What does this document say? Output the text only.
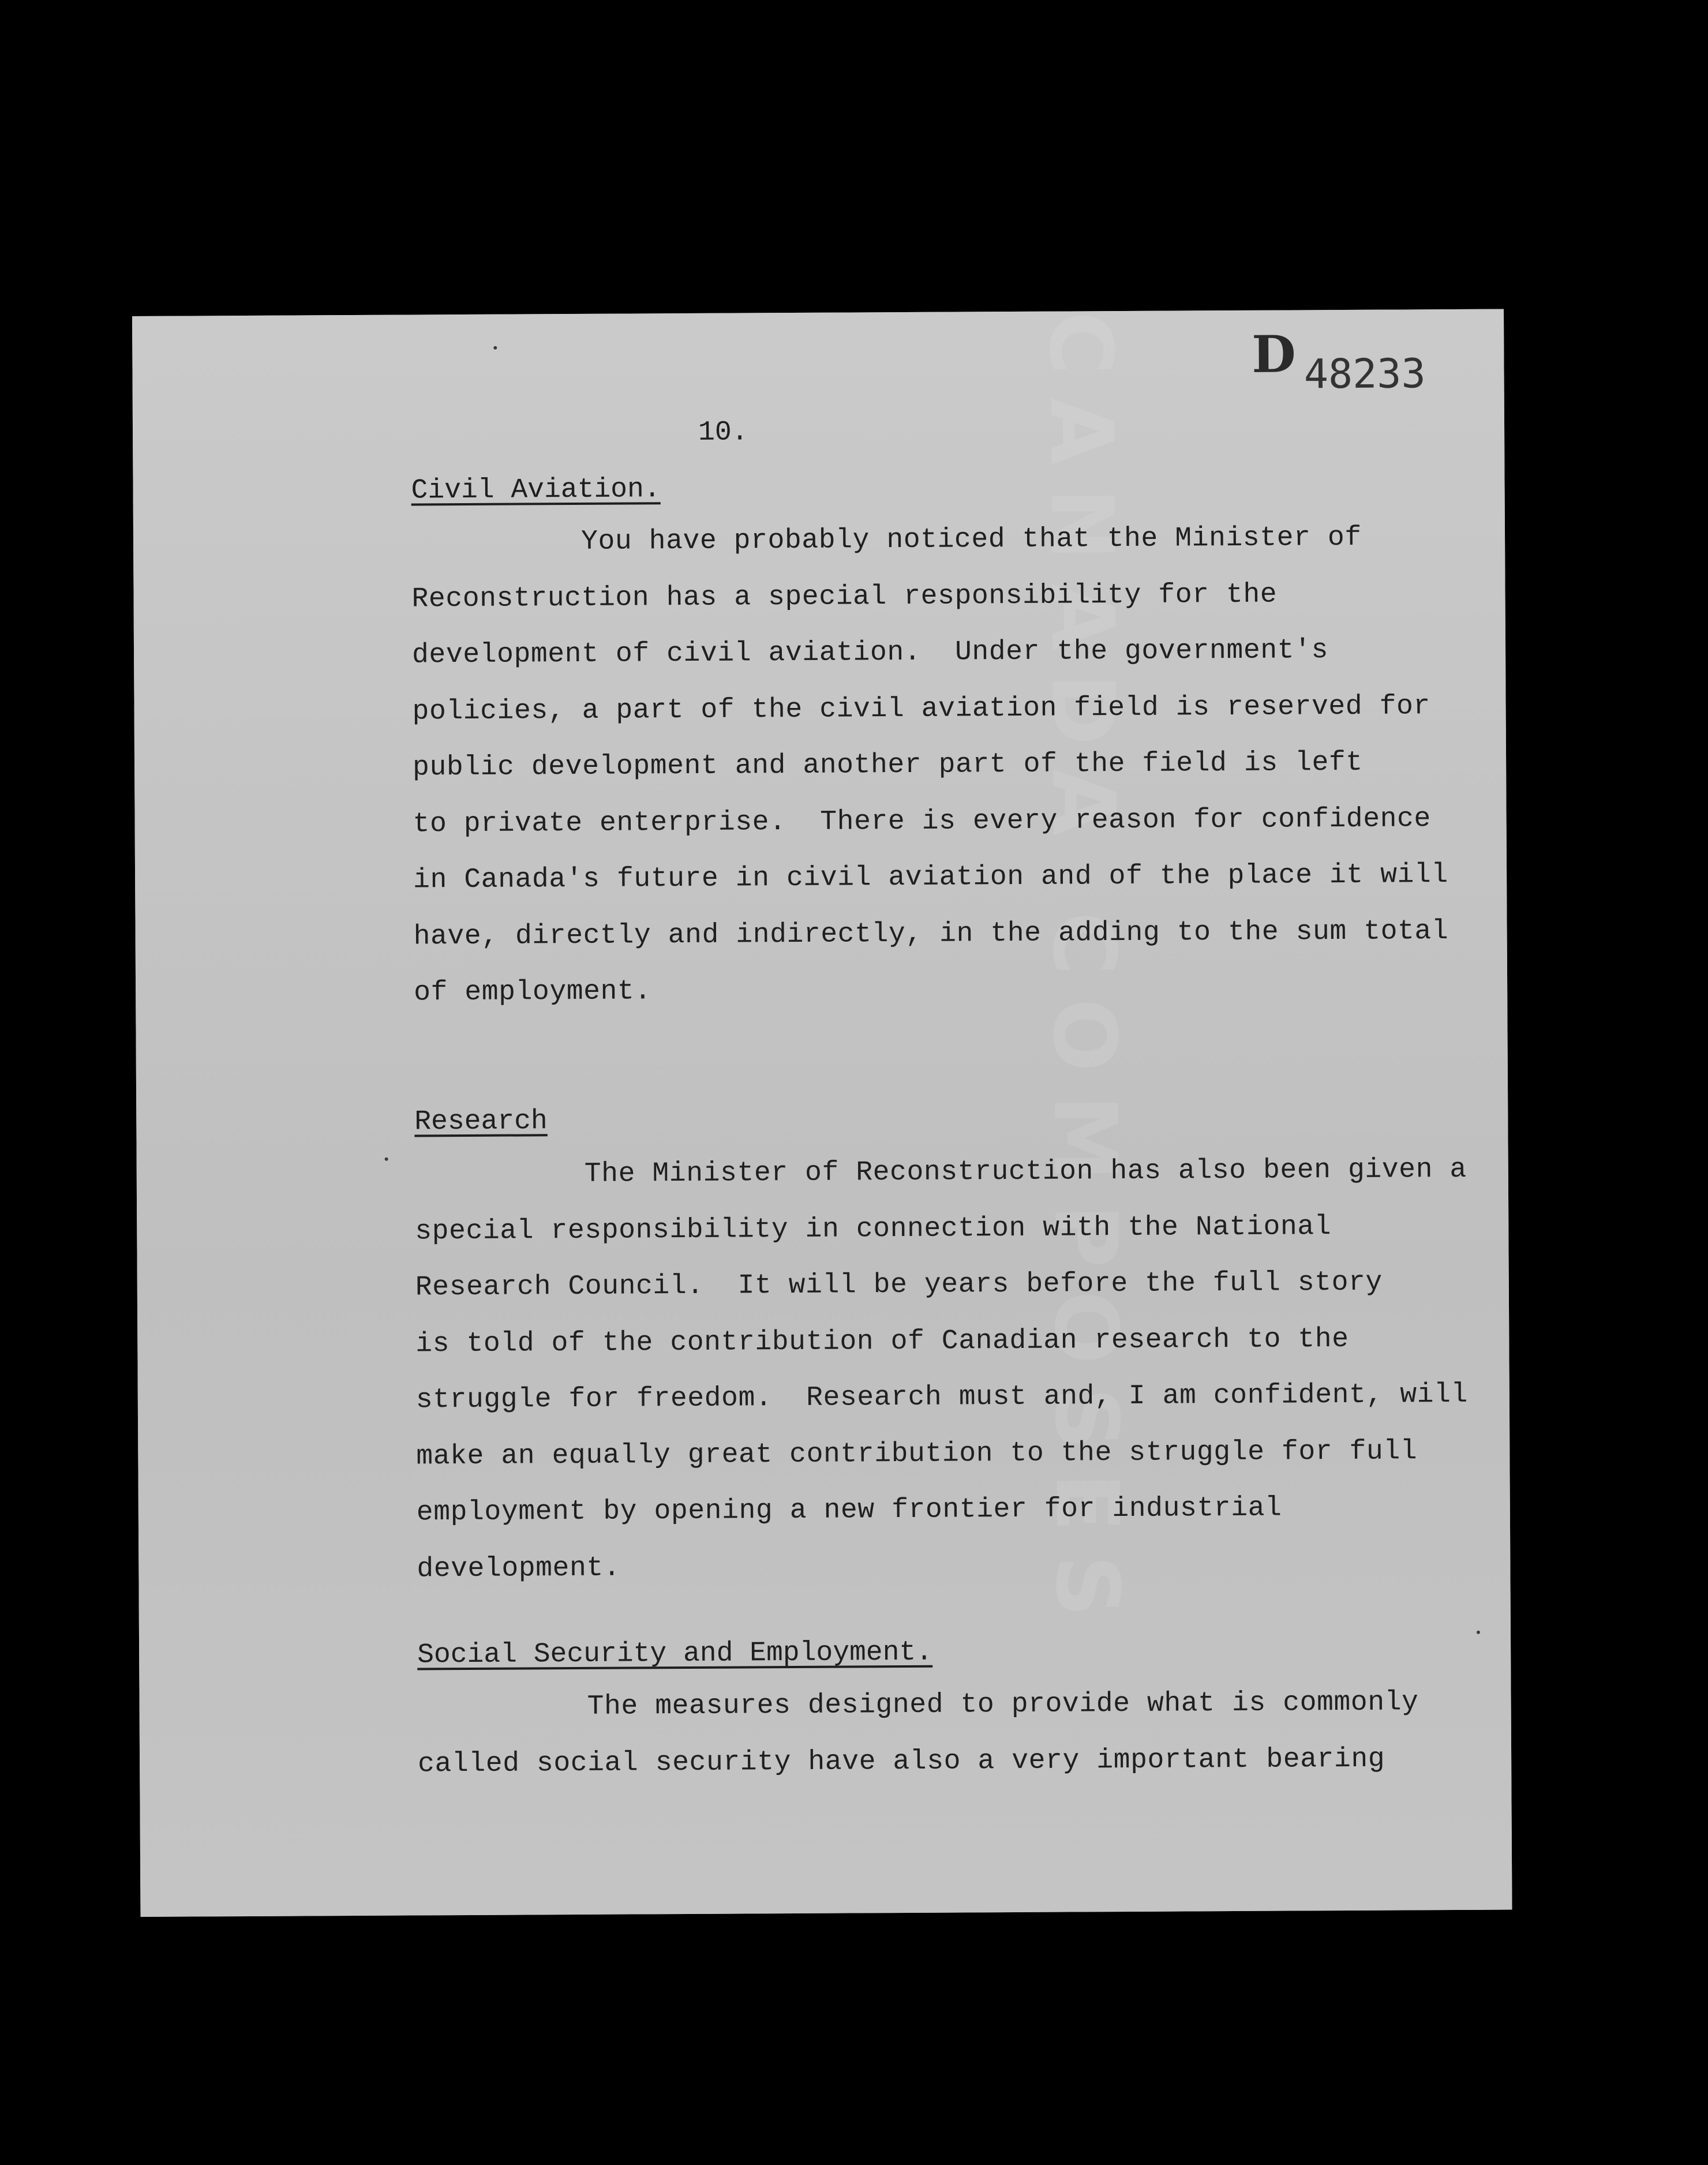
CANADA COMPOSES D 48233
10.
Civil Aviation.
You have probably noticed that the Minister of
Reconstruction has a special responsibility for the
development of civil aviation.  Under the government's
policies, a part of the civil aviation field is reserved for
public development and another part of the field is left
to private enterprise.  There is every reason for confidence
in Canada's future in civil aviation and of the place it will
have, directly and indirectly, in the adding to the sum total
of employment.
Research
The Minister of Reconstruction has also been given a
special responsibility in connection with the National
Research Council.  It will be years before the full story
is told of the contribution of Canadian research to the
struggle for freedom.  Research must and, I am confident, will
make an equally great contribution to the struggle for full
employment by opening a new frontier for industrial
development.
Social Security and Employment.
The measures designed to provide what is commonly
called social security have also a very important bearing
